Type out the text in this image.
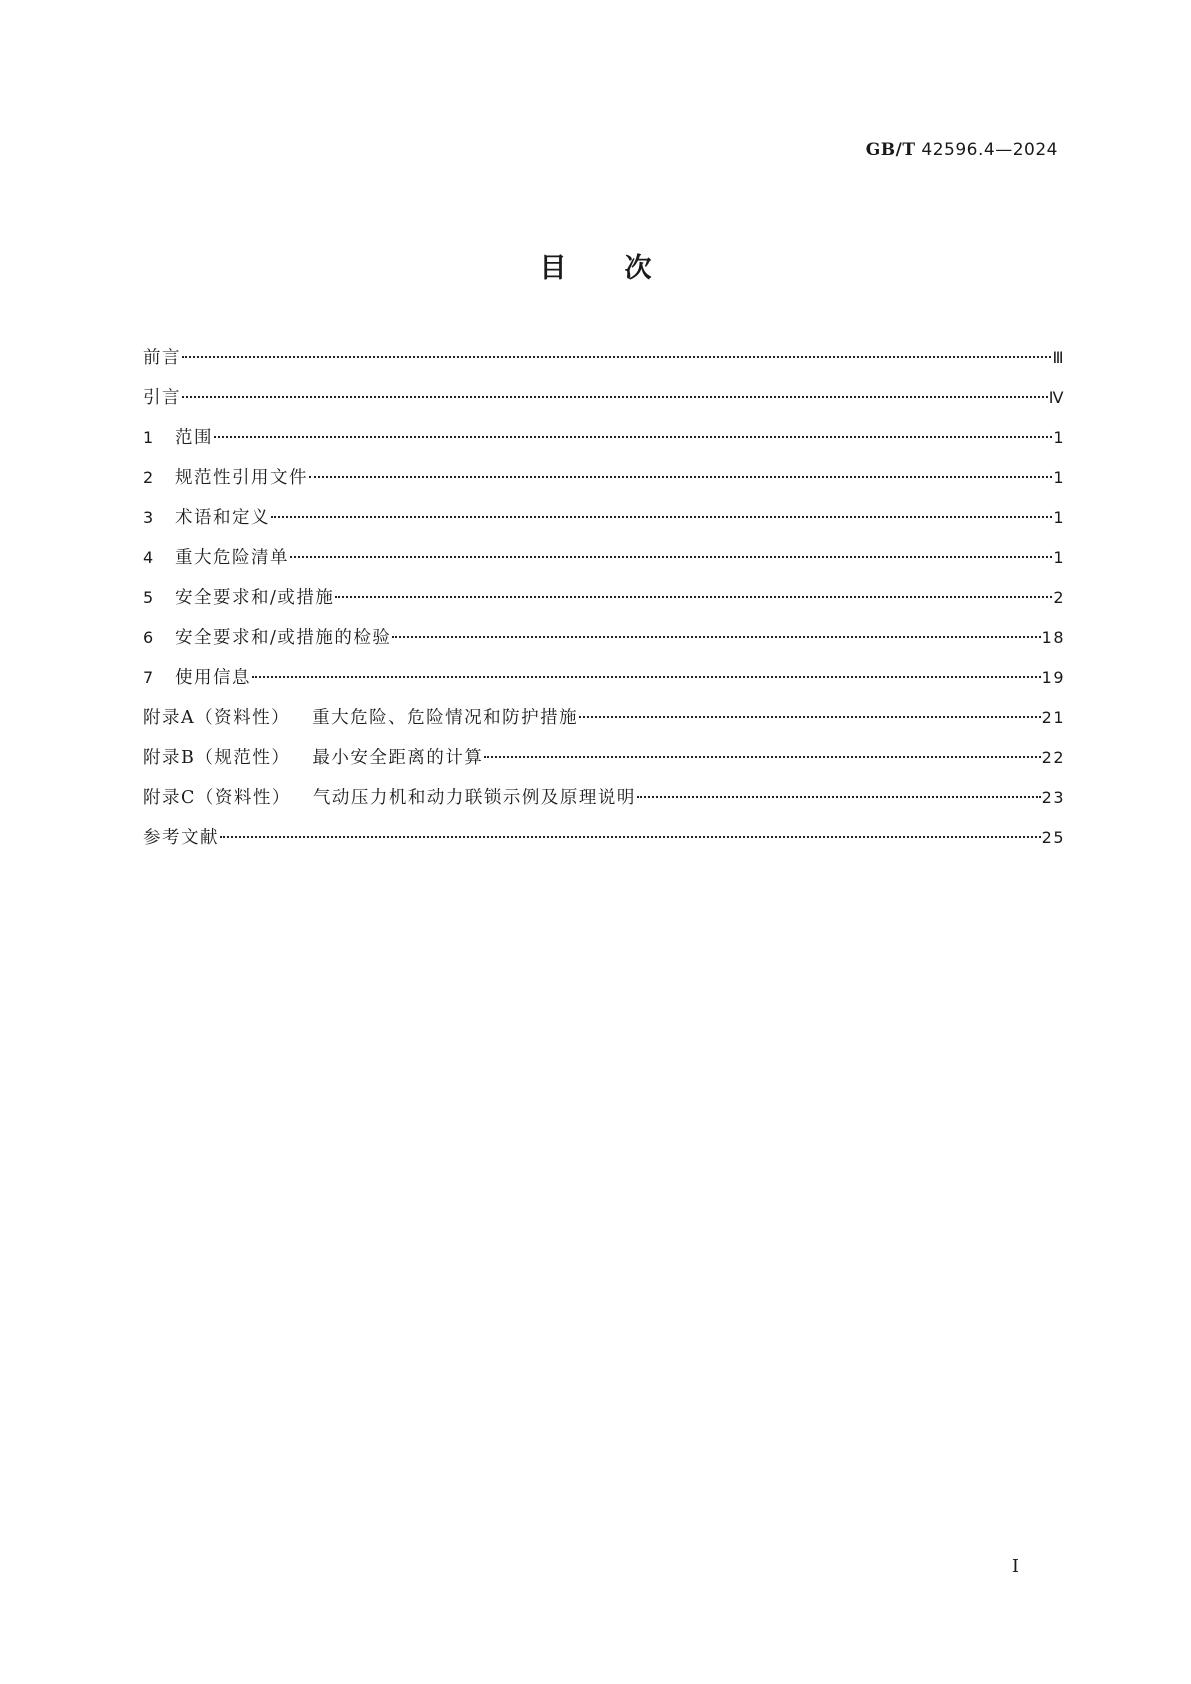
GB/T 42596.4—2024
目次
前言	Ⅲ
引言	Ⅳ
1	范围	1
2	规范性引用文件	1
3	术语和定义	1
4	重大危险清单	1
5	安全要求和/或措施	2
6	安全要求和/或措施的检验	18
7	使用信息	19
附录A（资料性） 重大危险、危险情况和防护措施	21
附录B（规范性） 最小安全距离的计算	22
附录C（资料性） 气动压力机和动力联锁示例及原理说明	23
参考文献	25
I
